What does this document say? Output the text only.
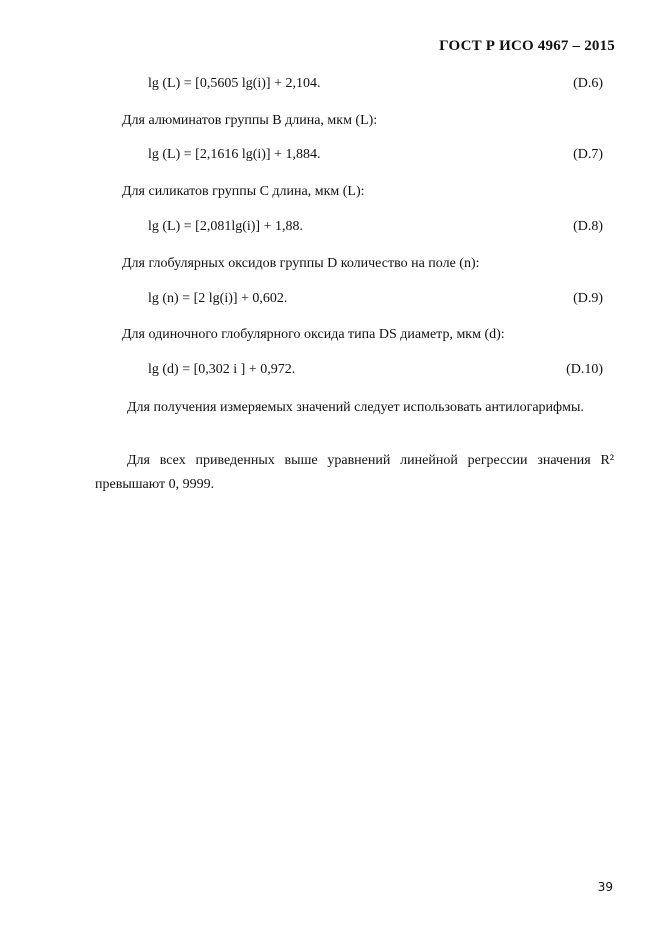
ГОСТ Р ИСО 4967 – 2015
lg (L) = [0,5605 lg(i)] + 2,104.	(D.6)
Для алюминатов группы В длина, мкм (L):
lg (L) = [2,1616 lg(i)] + 1,884.	(D.7)
Для силикатов группы С длина, мкм (L):
lg (L) = [2,081lg(i)] + 1,88.	(D.8)
Для глобулярных оксидов группы D количество на поле (n):
lg (n) = [2 lg(i)] + 0,602.	(D.9)
Для одиночного глобулярного оксида типа DS диаметр, мкм (d):
lg (d) = [0,302 i ] + 0,972.	(D.10)
Для получения измеряемых значений следует использовать антилогарифмы.
Для всех приведенных выше уравнений линейной регрессии значения R² превышают 0, 9999.
39
